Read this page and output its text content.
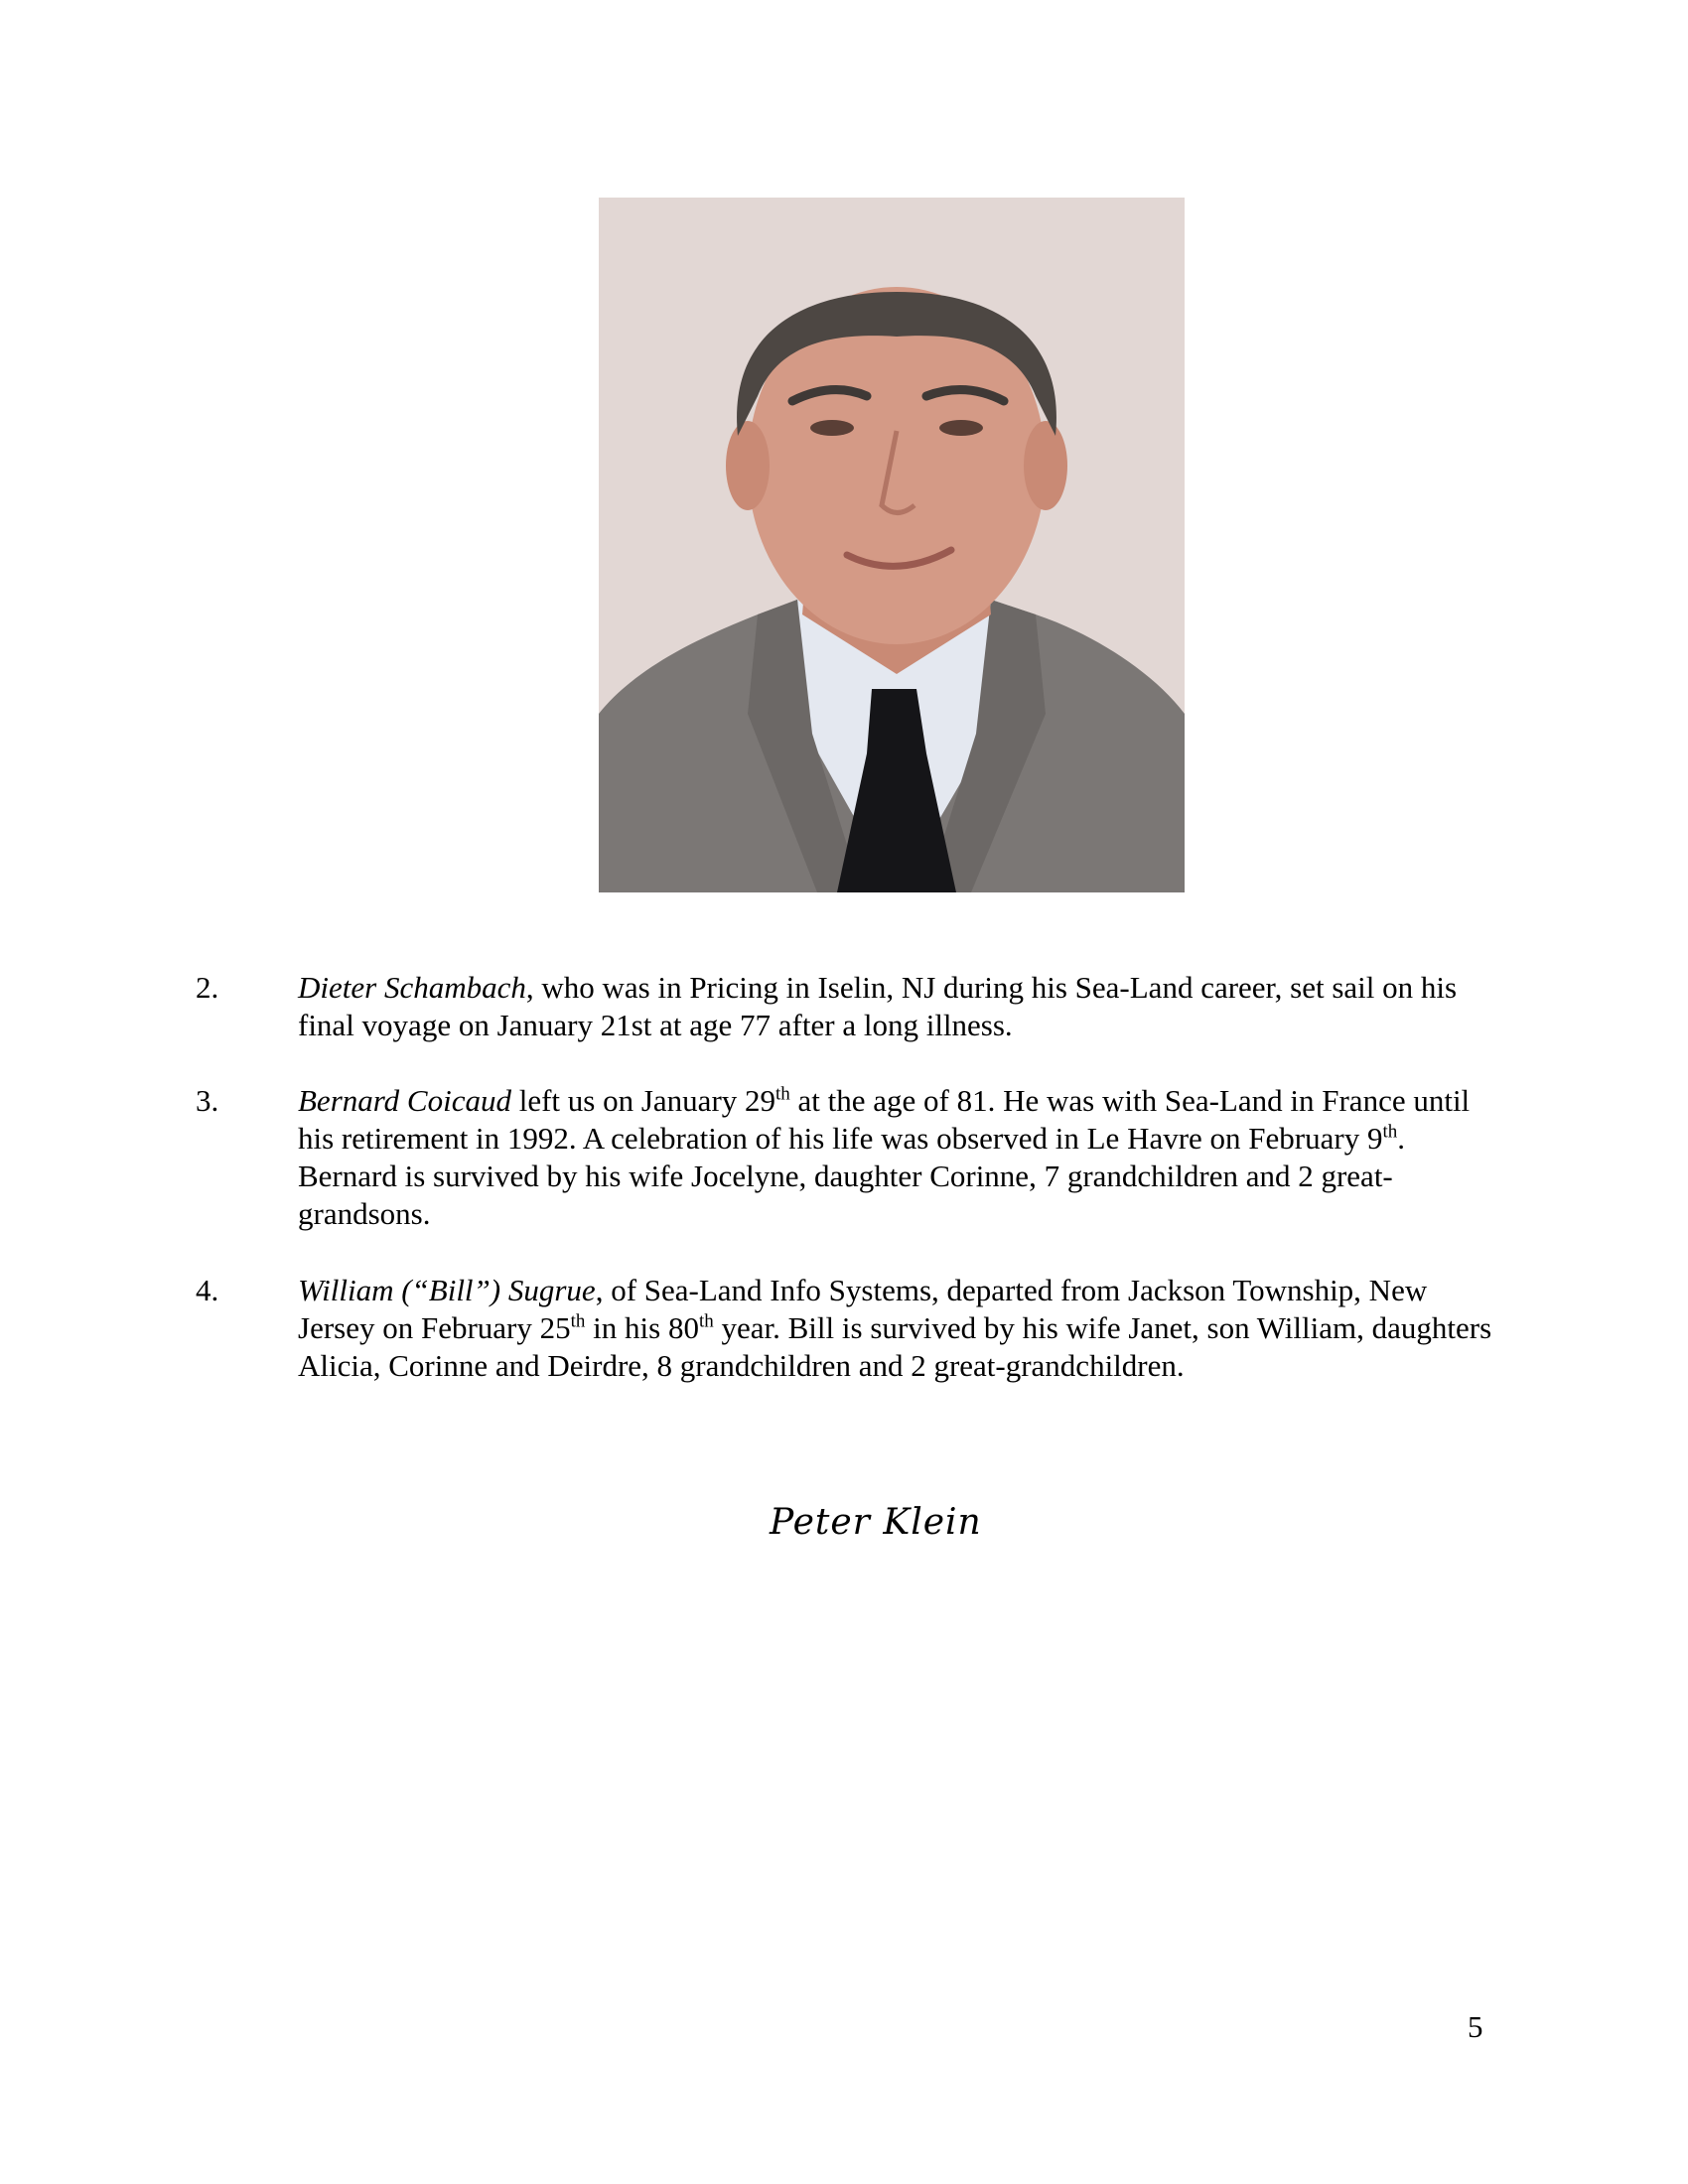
2.	Dieter Schambach, who was in Pricing in Iselin, NJ during his Sea-Land career, set sail on his final voyage on January 21st at age 77 after a long illness.
3.	Bernard Coicaud left us on January 29th at the age of 81. He was with Sea-Land in France until his retirement in 1992. A celebration of his life was observed in Le Havre on February 9th. Bernard is survived by his wife Jocelyne, daughter Corinne, 7 grandchildren and 2 great-grandsons.
4.	William (“Bill”) Sugrue, of Sea-Land Info Systems, departed from Jackson Township, New Jersey on February 25th in his 80th year. Bill is survived by his wife Janet, son William, daughters Alicia, Corinne and Deirdre, 8 grandchildren and 2 great-grandchildren.
Peter Klein
5
